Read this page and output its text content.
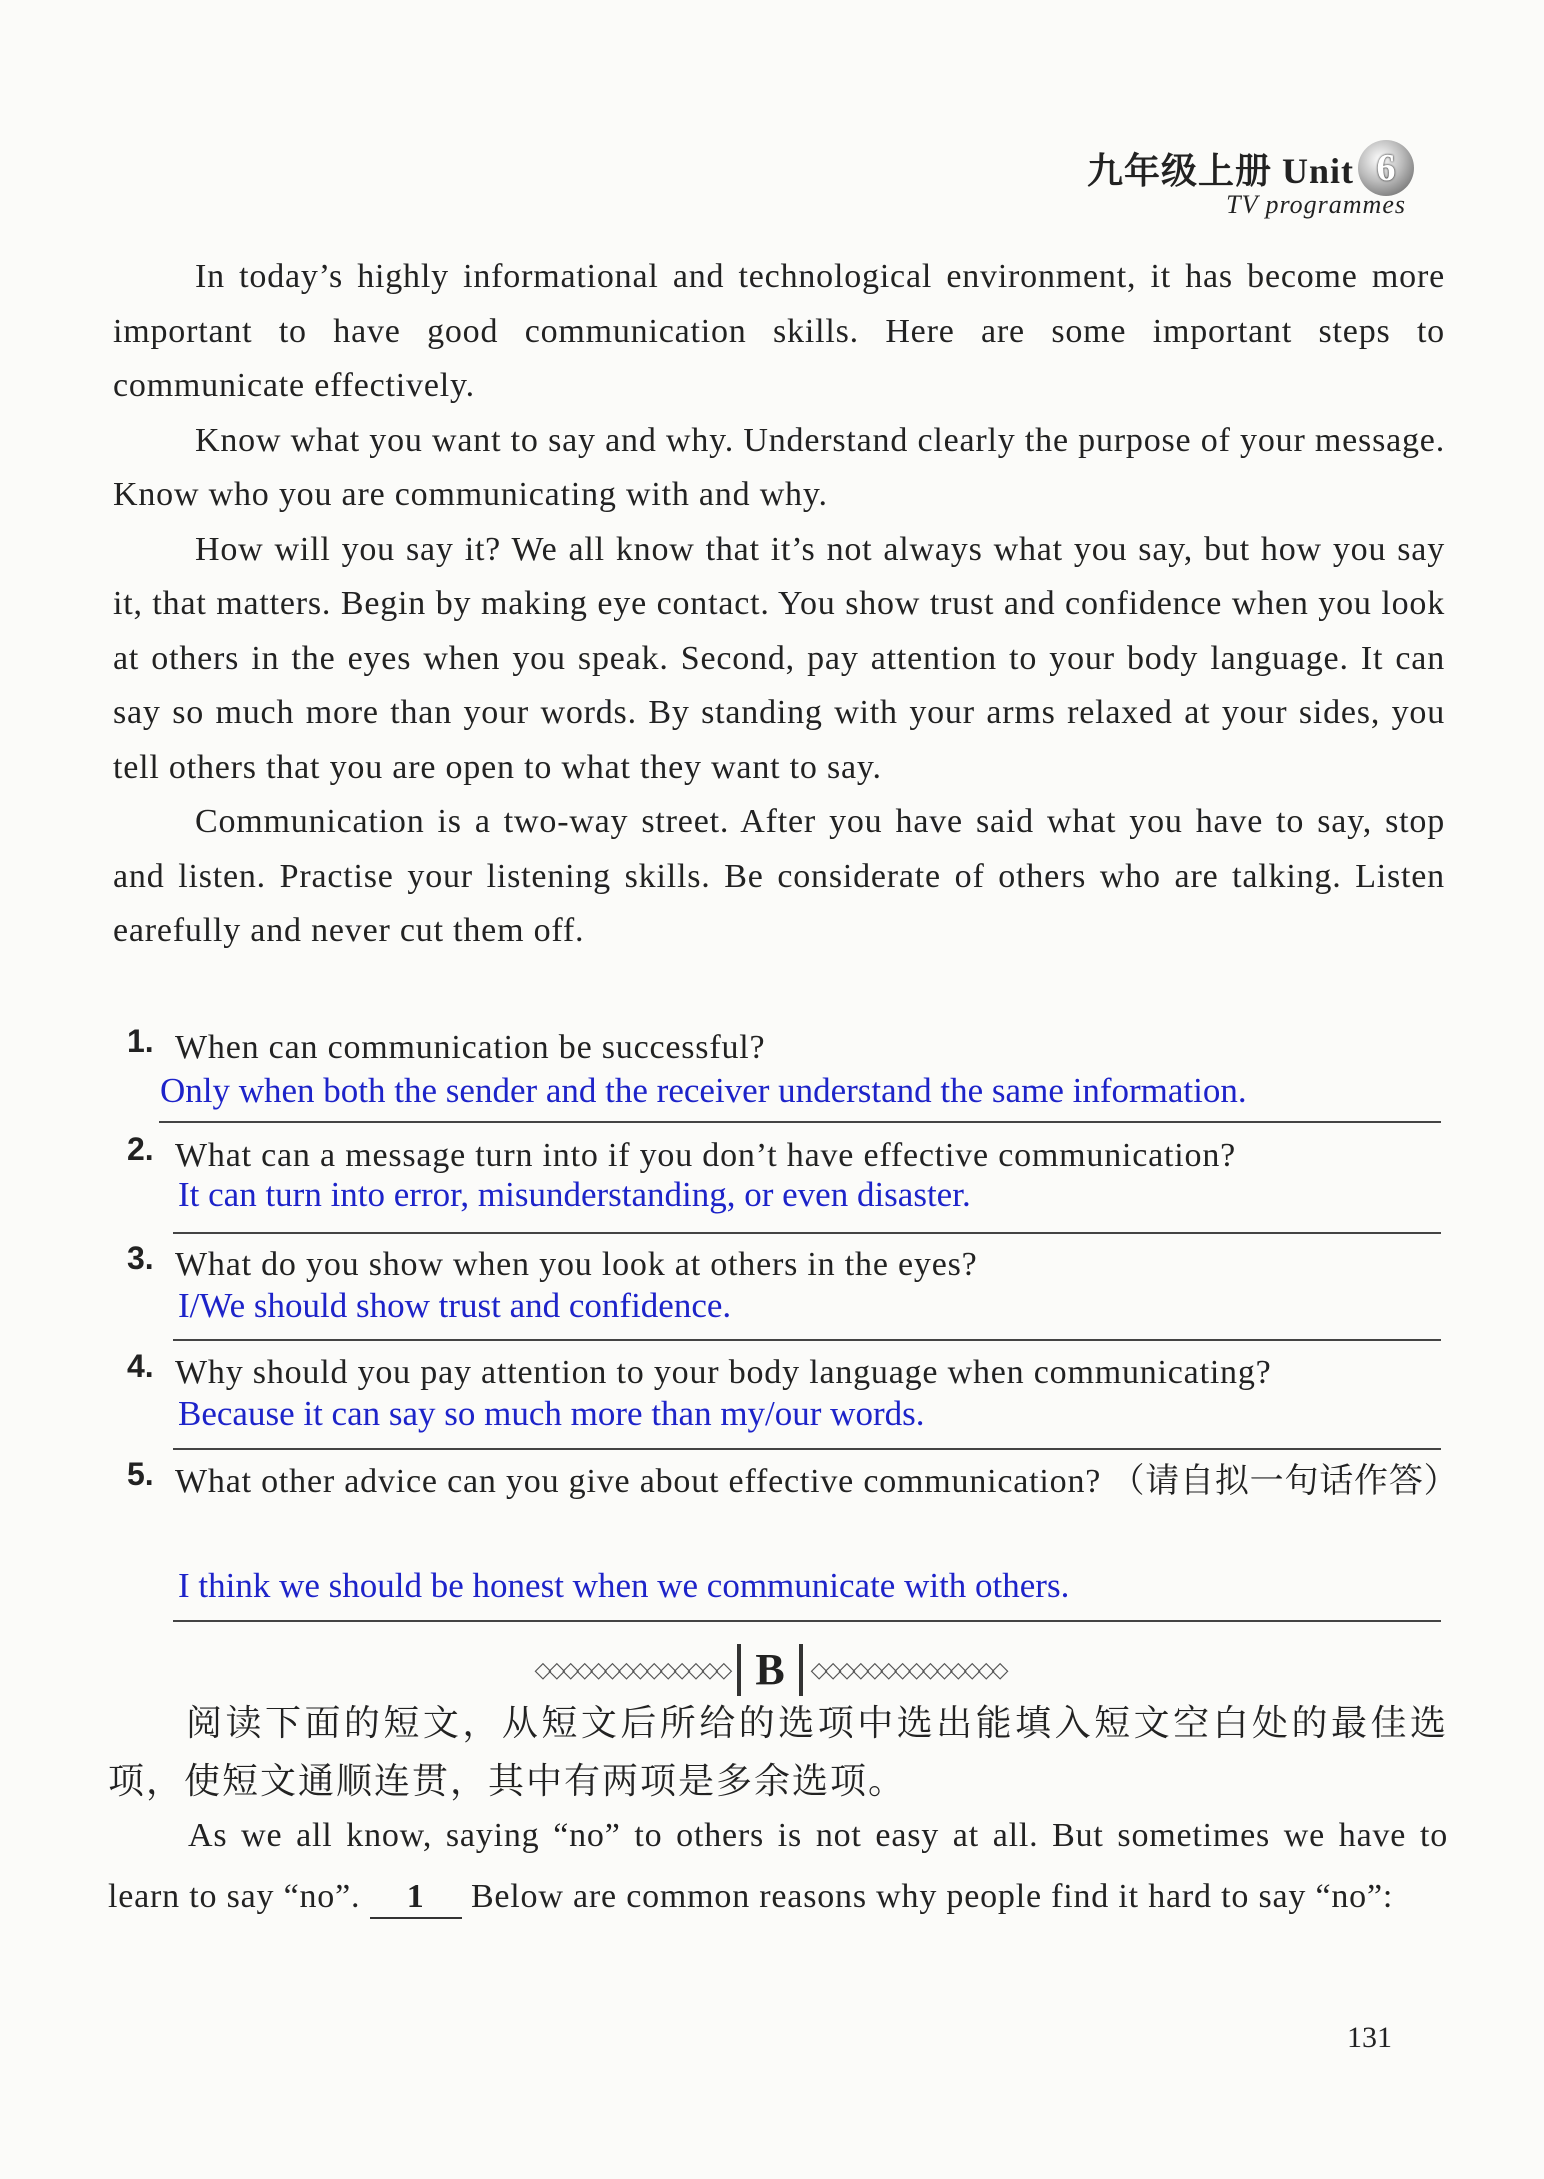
九年级上册 Unit 6
TV programmes

In today’s highly informational and technological environment, it has become more important to have good communication skills. Here are some important steps to communicate effectively.

Know what you want to say and why. Understand clearly the purpose of your message. Know who you are communicating with and why.

How will you say it? We all know that it’s not always what you say, but how you say it, that matters. Begin by making eye contact. You show trust and confidence when you look at others in the eyes when you speak. Second, pay attention to your body language. It can say so much more than your words. By standing with your arms relaxed at your sides, you tell others that you are open to what they want to say.

Communication is a two-way street. After you have said what you have to say, stop and listen. Practise your listening skills. Be considerate of others who are talking. Listen earefully and never cut them off.

1. When can communication be successful?
Only when both the sender and the receiver understand the same information.
2. What can a message turn into if you don’t have effective communication?
It can turn into error, misunderstanding, or even disaster.
3. What do you show when you look at others in the eyes?
I/We should show trust and confidence.
4. Why should you pay attention to your body language when communicating?
Because it can say so much more than my/our words.
5. What other advice can you give about effective communication? （请自拟一句话作答）
I think we should be honest when we communicate with others.
◇◇◇◇◇◇◇◇◇◇◇◇◇◇ B	◇◇◇◇◇◇◇◇◇◇◇◇◇◇
阅读下面的短文，从短文后所给的选项中选出能填入短文空白处的最佳选项，使短文通顺连贯，其中有两项是多余选项。

As we all know, saying “no” to others is not easy at all. But sometimes we have to learn to say “no”. 1 Below are common reasons why people find it hard to say “no”:

131
